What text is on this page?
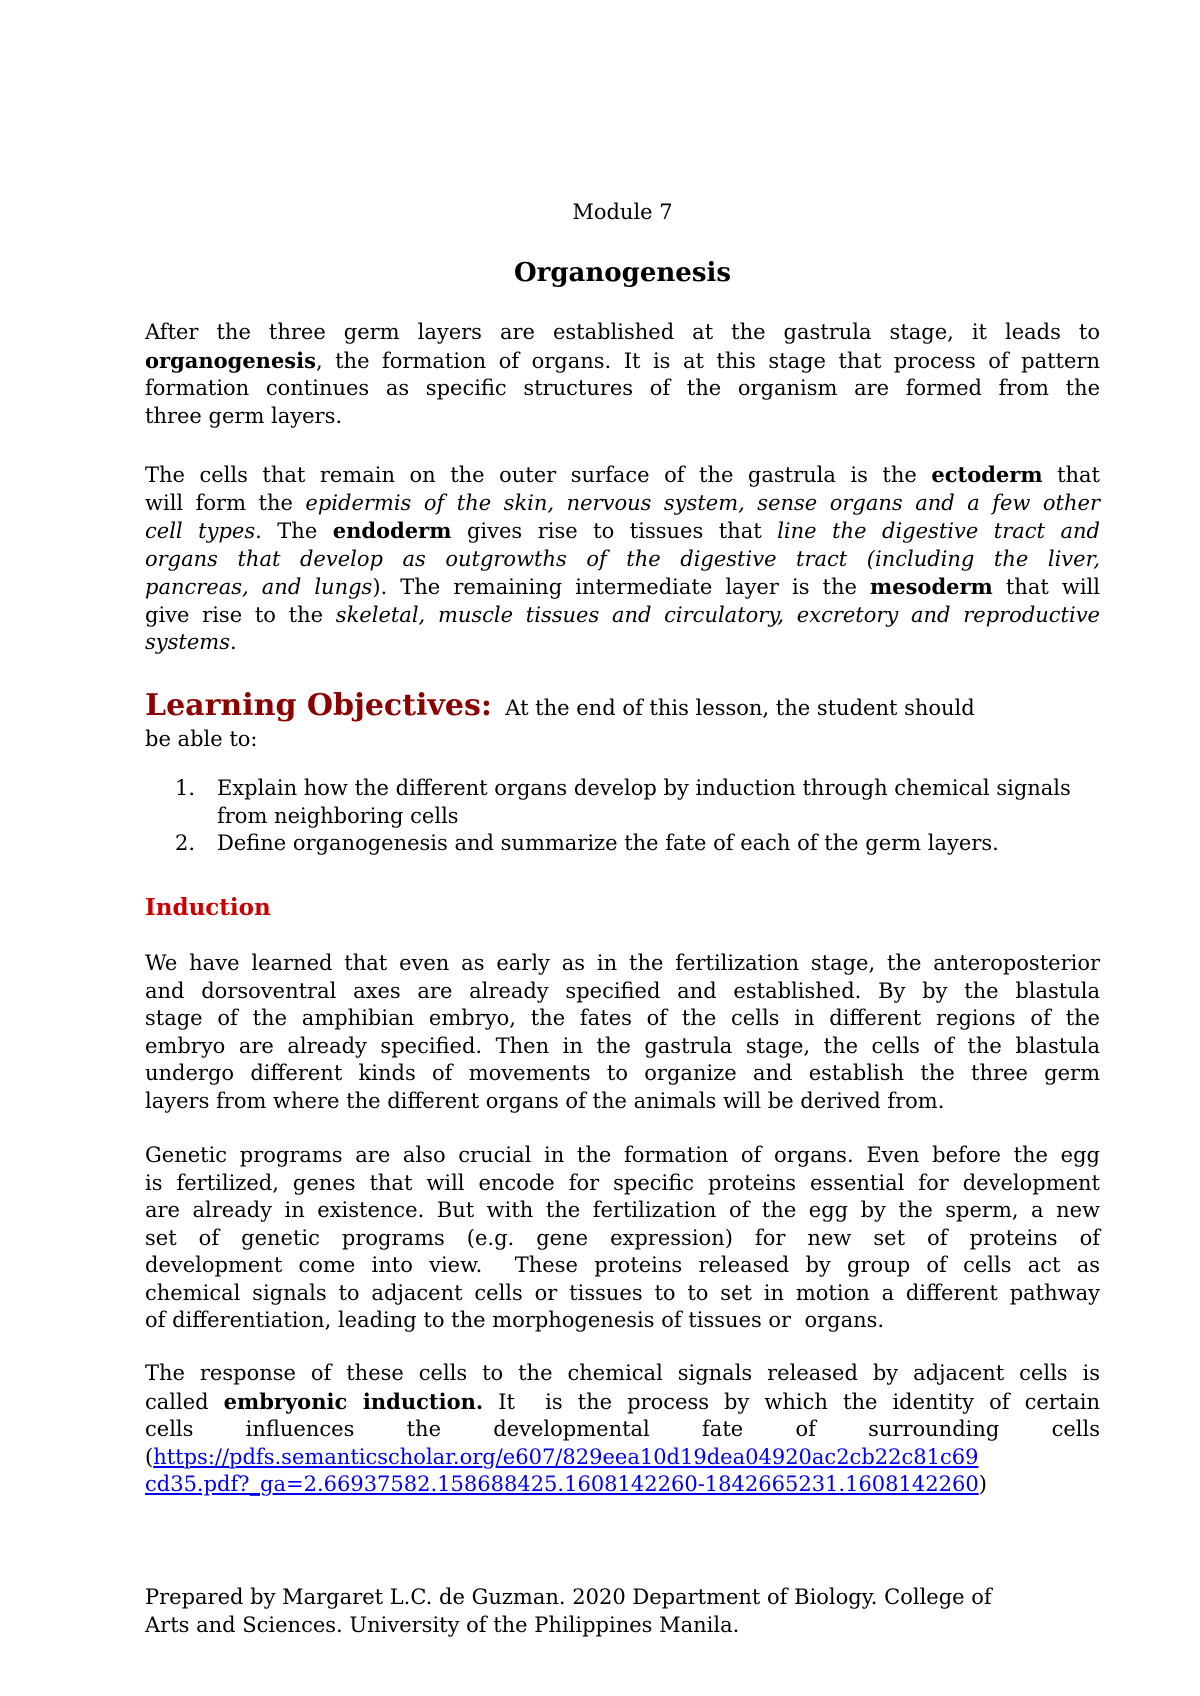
Module 7
Organogenesis
After the three germ layers are established at the gastrula stage, it leads to
organogenesis, the formation of organs. It is at this stage that process of pattern
formation continues as specific structures of the organism are formed from the
three germ layers.
The cells that remain on the outer surface of the gastrula is the ectoderm that
will form the epidermis of the skin, nervous system, sense organs and a few other
cell types. The endoderm gives rise to tissues that line the digestive tract and
organs that develop as outgrowths of the digestive tract (including the liver,
pancreas, and lungs). The remaining intermediate layer is the mesoderm that will
give rise to the skeletal, muscle tissues and circulatory, excretory and reproductive
systems.
Learning Objectives:  At the end of this lesson, the student should
be able to:
1. Explain how the different organs develop by induction through chemical signals from neighboring cells
2. Define organogenesis and summarize the fate of each of the germ layers.
Induction
We have learned that even as early as in the fertilization stage, the anteroposterior
and dorsoventral axes are already specified and established. By by the blastula
stage of the amphibian embryo, the fates of the cells in different regions of the
embryo are already specified. Then in the gastrula stage, the cells of the blastula
undergo different kinds of movements to organize and establish the three germ
layers from where the different organs of the animals will be derived from.
Genetic programs are also crucial in the formation of organs. Even before the egg
is fertilized, genes that will encode for specific proteins essential for development
are already in existence. But with the fertilization of the egg by the sperm, a new
set of genetic programs (e.g. gene expression) for new set of proteins of
development come into view.  These proteins released by group of cells act as
chemical signals to adjacent cells or tissues to to set in motion a different pathway
of differentiation, leading to the morphogenesis of tissues or  organs.
The response of these cells to the chemical signals released by adjacent cells is
called embryonic induction. It  is the process by which the identity of certain
cells influences the developmental fate of surrounding cells
(https://pdfs.semanticscholar.org/e607/829eea10d19dea04920ac2cb22c81c69
cd35.pdf?_ga=2.66937582.158688425.1608142260-1842665231.1608142260)
Prepared by Margaret L.C. de Guzman. 2020 Department of Biology. College of
Arts and Sciences. University of the Philippines Manila.
